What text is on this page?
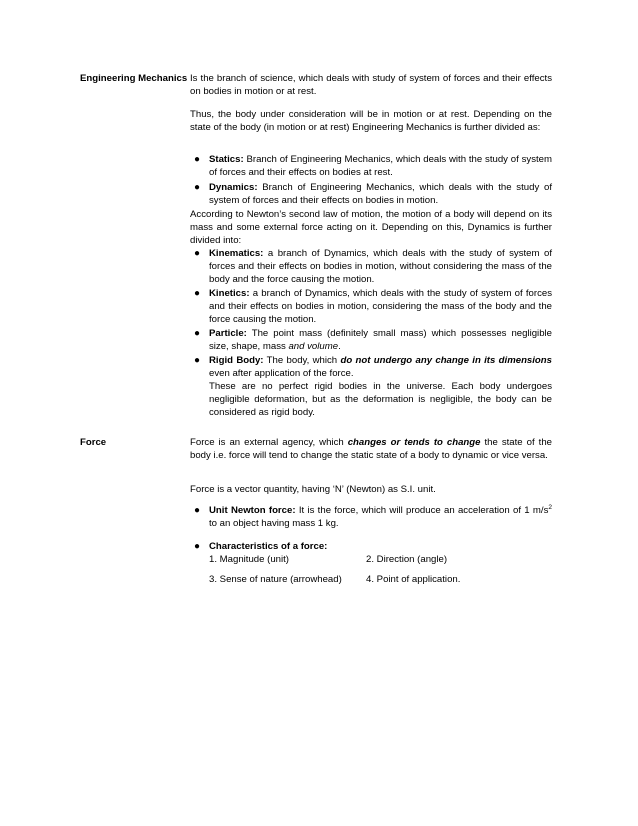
Engineering Mechanics Is the branch of science, which deals with study of system of forces and their effects on bodies in motion or at rest.

Thus, the body under consideration will be in motion or at rest. Depending on the state of the body (in motion or at rest) Engineering Mechanics is further divided as:

● Statics: Branch of Engineering Mechanics, which deals with the study of system of forces and their effects on bodies at rest.
● Dynamics: Branch of Engineering Mechanics, which deals with the study of system of forces and their effects on bodies in motion.

According to Newton’s second law of motion, the motion of a body will depend on its mass and some external force acting on it. Depending on this, Dynamics is further divided into:

● Kinematics: a branch of Dynamics, which deals with the study of system of forces and their effects on bodies in motion, without considering the mass of the body and the force causing the motion.
● Kinetics: a branch of Dynamics, which deals with the study of system of forces and their effects on bodies in motion, considering the mass of the body and the force causing the motion.
● Particle: The point mass (definitely small mass) which possesses negligible size, shape, mass and volume.
● Rigid Body: The body, which do not undergo any change in its dimensions even after application of the force.

These are no perfect rigid bodies in the universe. Each body undergoes negligible deformation, but as the deformation is negligible, the body can be considered as rigid body.

Force	Force is an external agency, which changes or tends to change the state of the body i.e. force will tend to change the static state of a body to dynamic or vice versa.

Force is a vector quantity, having ‘N’ (Newton) as S.I. unit.

● Unit Newton force: It is the force, which will produce an acceleration of 1 $m/s^2$ to an object having mass 1 kg.
● Characteristics of a force:
1. Magnitude (unit)	2. Direction (angle)
3. Sense of nature (arrowhead)	4. Point of application.
